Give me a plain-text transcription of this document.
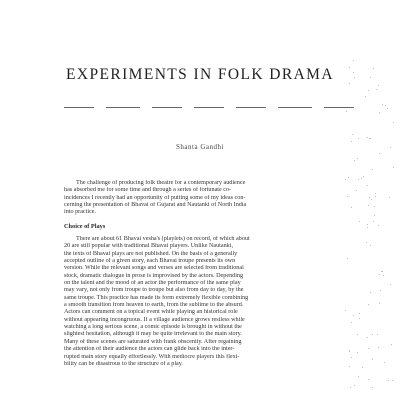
EXPERIMENTS IN FOLK DRAMA
Shanta Gandhi

The challenge of producing folk theatre for a contemporary audience
has absorbed me for some time and through a series of fortunate co-
incidences I recently had an opportunity of putting some of my ideas con-
cerning the presentation of Bhavai of Gujarat and Nautanki of North India
into practice.

Choice of Plays

There are about 61 Bhavai vesha's (playlets) on record, of which about
20 are still popular with traditional Bhavai players. Unlike Nautanki,
the texts of Bhavai plays are not published. On the basis of a generally
accepted outline of a given story, each Bhavai troupe presents its own
version. While the relevant songs and verses are selected from traditional
stock, dramatic dialogue in prose is improvised by the actors. Depending
on the talent and the mood of an actor the performance of the same play
may vary, not only from troupe to troupe but also from day to day, by the
same troupe. This practice has made its form extremely flexible combining
a smooth transition from heaven to earth, from the sublime to the absurd.
Actors can comment on a topical event while playing an historical role
without appearing incongruous. If a village audience grows restless while
watching a long serious scene, a comic episode is brought in without the
slightest hesitation, although it may be quite irrelevant to the main story.
Many of these scenes are saturated with frank obscenity. After regaining
the attention of their audience the actors can glide back into the inter-
rupted main story equally effortlessly. With mediocre players this flexi-
bility can be disastrous to the structure of a play.
